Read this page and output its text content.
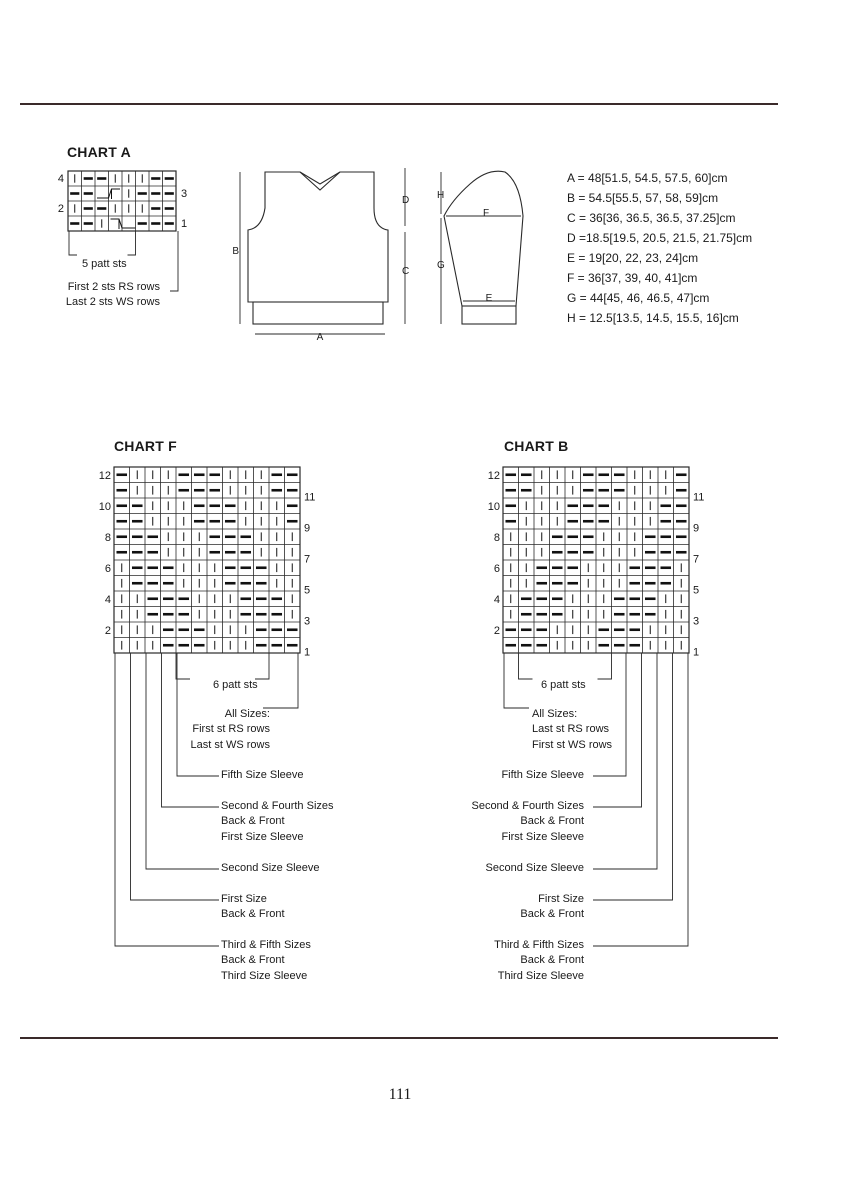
CHART A
4
2
3
1
5 patt sts
First 2 sts RS rows
Last 2 sts WS rows
B
A
D
C
H
G
F
E
A = 48[51.5, 54.5, 57.5, 60]cm
B = 54.5[55.5, 57, 58, 59]cm
C = 36[36, 36.5, 36.5, 37.25]cm
D =18.5[19.5, 20.5, 21.5, 21.75]cm
E = 19[20, 22, 23, 24]cm
F = 36[37, 39, 40, 41]cm
G = 44[45, 46, 46.5, 47]cm
H = 12.5[13.5, 14.5, 15.5, 16]cm
CHART F
12
10
8
6
4
2
11
9
7
5
3
1
6 patt sts
All Sizes:
First st RS rows
Last st WS rows
Fifth Size Sleeve
Second & Fourth Sizes
Back & Front
First Size Sleeve
Second Size Sleeve
First Size
Back & Front
Third & Fifth Sizes
Back & Front
Third Size Sleeve
CHART B
12
10
8
6
4
2
11
9
7
5
3
1
6 patt sts
All Sizes:
Last st RS rows
First st WS rows
Fifth Size Sleeve
Second & Fourth Sizes
Back & Front
First Size Sleeve
Second Size Sleeve
First Size
Back & Front
Third & Fifth Sizes
Back & Front
Third Size Sleeve
111
